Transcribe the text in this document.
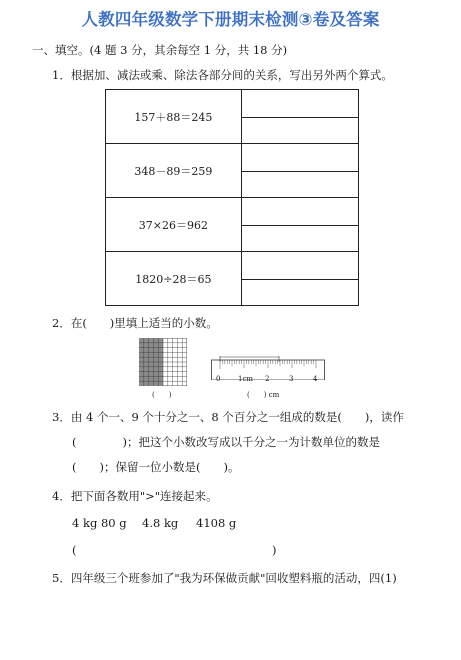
人教四年级数学下册期末检测③卷及答案
一、填空。(4 题 3 分，其余每空 1 分，共 18 分)
1．根据加、减法或乘、除法各部分间的关系，写出另外两个算式。
157＋88＝245	

348－89＝259	

37×26＝962	

1820÷28＝65	
2．在(　　)里填上适当的小数。
(　　)
0	1cm 2	3	4
(　　) cm
3．由 4 个一、9 个十分之一、8 个百分之一组成的数是(　　)，读作
(　　　　)；把这个小数改写成以千分之一为计数单位的数是
(　　)；保留一位小数是(　　)。
4．把下面各数用">"连接起来。
4 kg 80 g 4.8 kg 4108 g
(　　　　　　　　　　　　　　　　　)
5．四年级三个班参加了"我为环保做贡献"回收塑料瓶的活动，四(1)
